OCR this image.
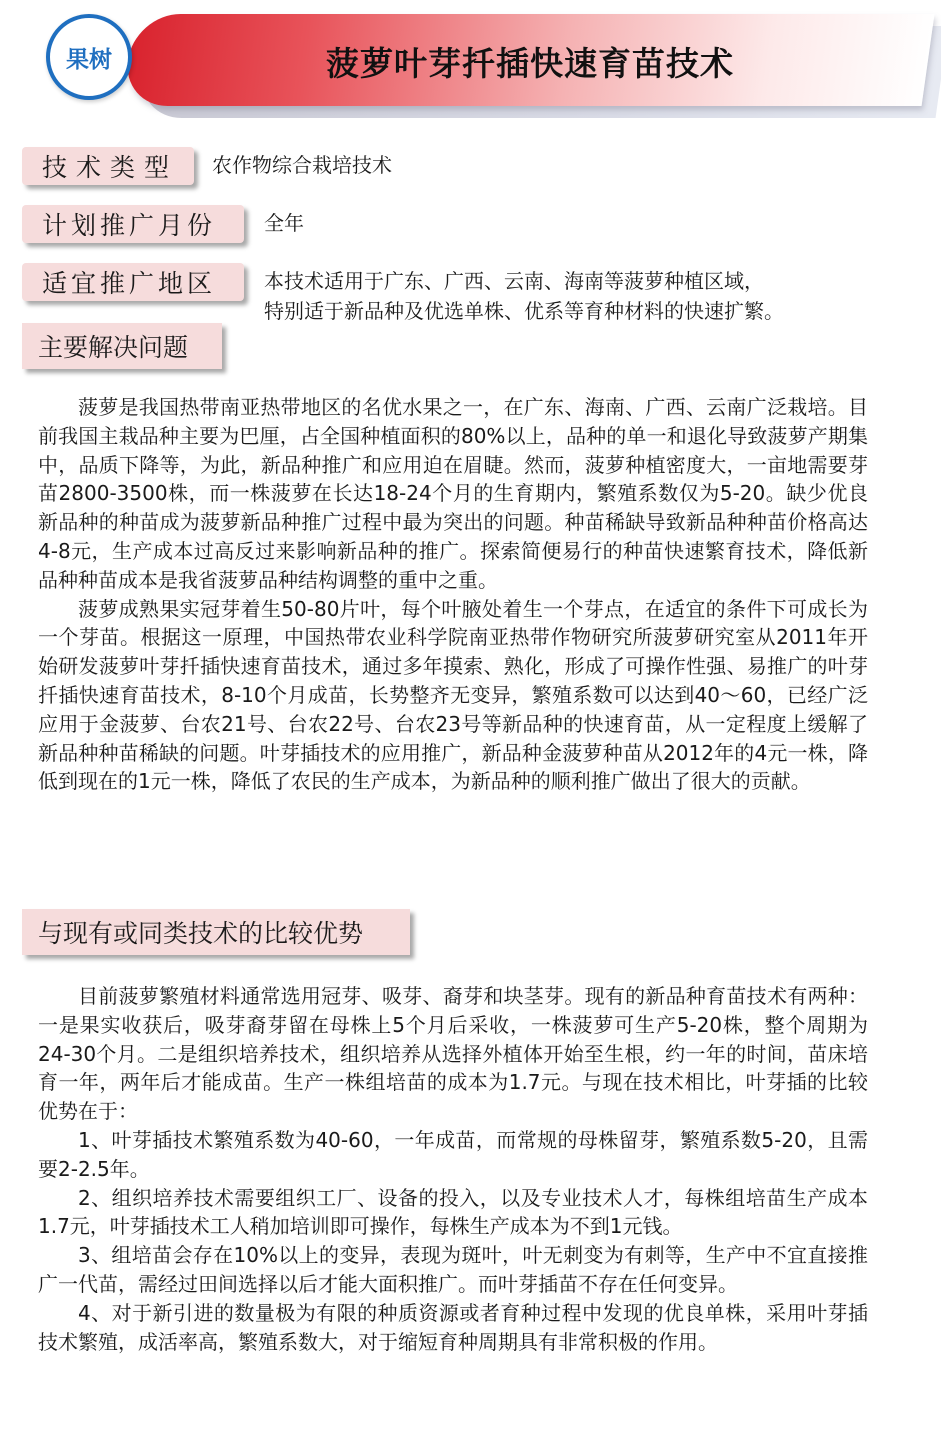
菠萝叶芽扦插快速育苗技术
果树
技术类型 农作物综合栽培技术
计划推广月份 全年
适宜推广地区 本技术适用于广东、广西、云南、海南等菠萝种植区域，
特别适于新品种及优选单株、优系等育种材料的快速扩繁。
主要解决问题

菠萝是我国热带南亚热带地区的名优水果之一，在广东、海南、广西、云南广泛栽培。目前我国主栽品种主要为巴厘，占全国种植面积的80%以上，品种的单一和退化导致菠萝产期集中，品质下降等，为此，新品种推广和应用迫在眉睫。然而，菠萝种植密度大，一亩地需要芽苗2800-3500株，而一株菠萝在长达18-24个月的生育期内，繁殖系数仅为5-20。缺少优良新品种的种苗成为菠萝新品种推广过程中最为突出的问题。种苗稀缺导致新品种种苗价格高达4-8元，生产成本过高反过来影响新品种的推广。探索简便易行的种苗快速繁育技术，降低新品种种苗成本是我省菠萝品种结构调整的重中之重。

菠萝成熟果实冠芽着生50-80片叶，每个叶腋处着生一个芽点，在适宜的条件下可成长为一个芽苗。根据这一原理，中国热带农业科学院南亚热带作物研究所菠萝研究室从2011年开始研发菠萝叶芽扦插快速育苗技术，通过多年摸索、熟化，形成了可操作性强、易推广的叶芽扦插快速育苗技术，8-10个月成苗，长势整齐无变异，繁殖系数可以达到40～60，已经广泛应用于金菠萝、台农21号、台农22号、台农23号等新品种的快速育苗，从一定程度上缓解了新品种种苗稀缺的问题。叶芽插技术的应用推广，新品种金菠萝种苗从2012年的4元一株，降低到现在的1元一株，降低了农民的生产成本，为新品种的顺利推广做出了很大的贡献。

与现有或同类技术的比较优势

目前菠萝繁殖材料通常选用冠芽、吸芽、裔芽和块茎芽。现有的新品种育苗技术有两种：一是果实收获后，吸芽裔芽留在母株上5个月后采收，一株菠萝可生产5-20株，整个周期为24-30个月。二是组织培养技术，组织培养从选择外植体开始至生根，约一年的时间，苗床培育一年，两年后才能成苗。生产一株组培苗的成本为1.7元。与现在技术相比，叶芽插的比较优势在于：

1、叶芽插技术繁殖系数为40-60，一年成苗，而常规的母株留芽，繁殖系数5-20，且需要2-2.5年。

2、组织培养技术需要组织工厂、设备的投入，以及专业技术人才，每株组培苗生产成本1.7元，叶芽插技术工人稍加培训即可操作，每株生产成本为不到1元钱。

3、组培苗会存在10%以上的变异，表现为斑叶，叶无刺变为有刺等，生产中不宜直接推广一代苗，需经过田间选择以后才能大面积推广。而叶芽插苗不存在任何变异。

4、对于新引进的数量极为有限的种质资源或者育种过程中发现的优良单株，采用叶芽插技术繁殖，成活率高，繁殖系数大，对于缩短育种周期具有非常积极的作用。
